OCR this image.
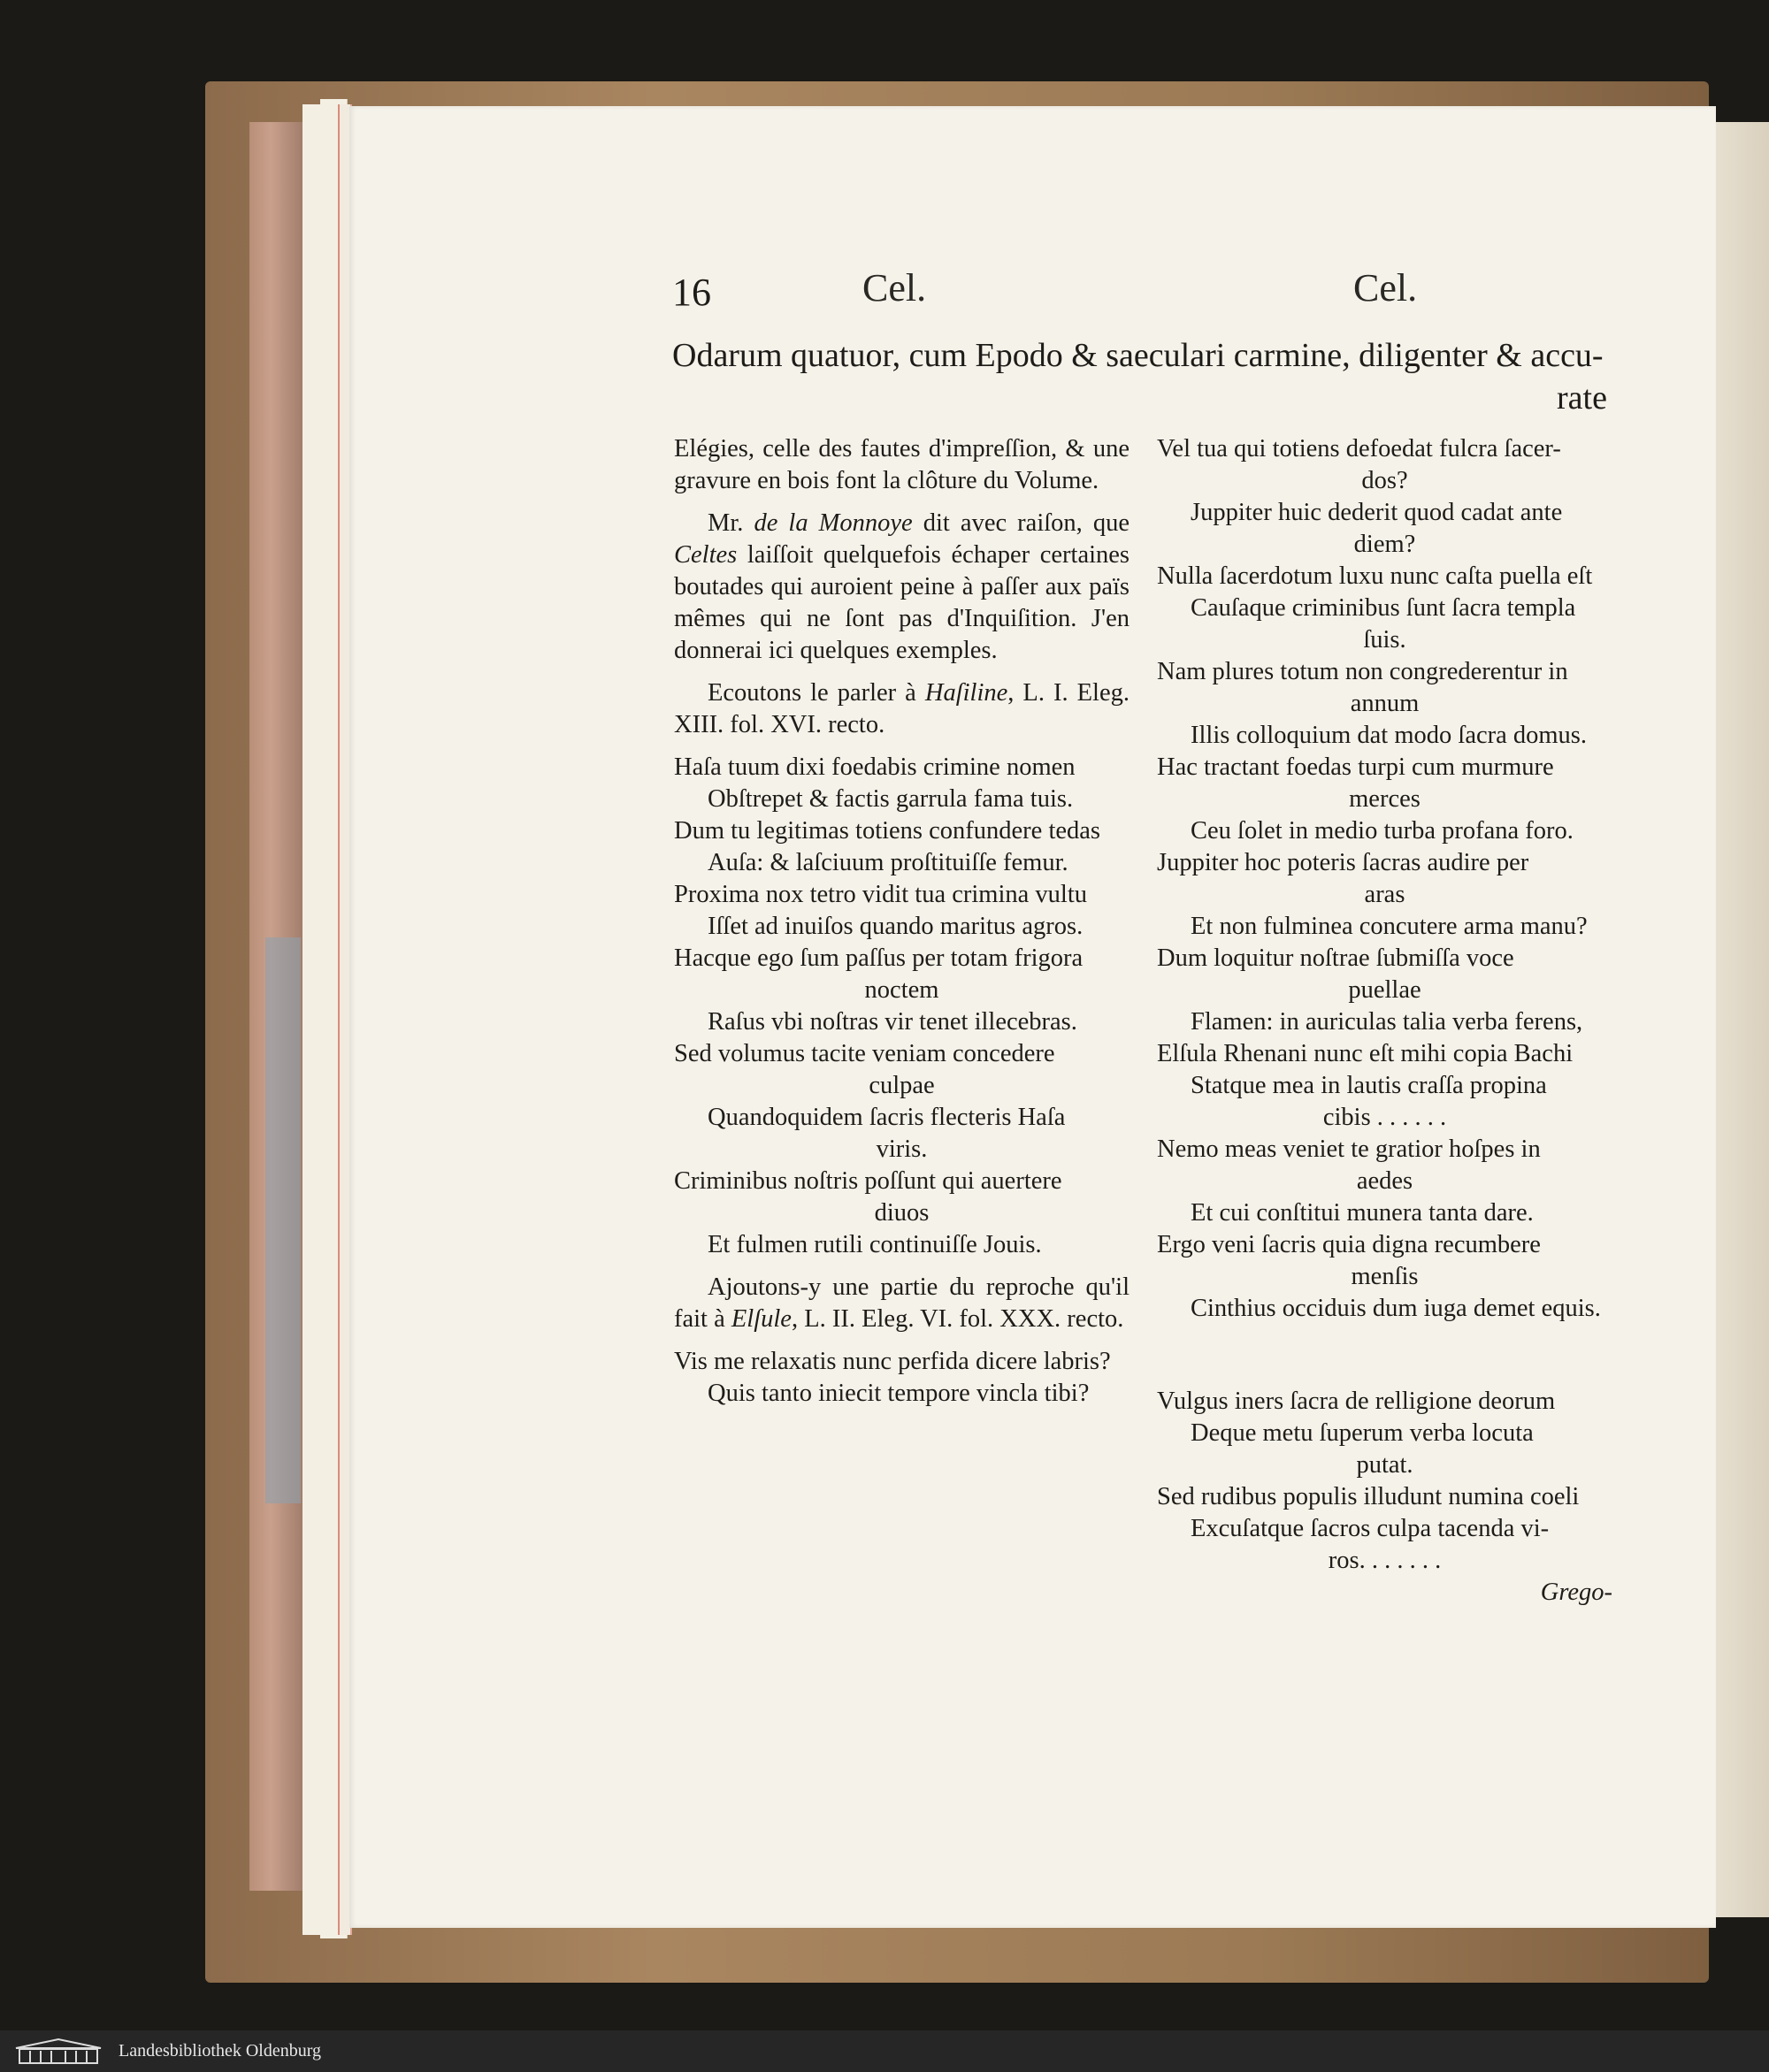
16	Cel.	Cel.
Odarum quatuor, cum Epodo & saeculari carmine, diligenter & accu-
rate

Elégies, celle des fautes d'impreſſion, & une gravure en bois font la clôture du Volume.

Mr. de la Monnoye dit avec raiſon, que Celtes laiſſoit quelquefois échaper certaines boutades qui auroient peine à paſſer aux païs mêmes qui ne ſont pas d'Inquiſition. J'en donnerai ici quelques exemples.

Ecoutons le parler à Haſiline, L. I. Eleg. XIII. fol. XVI. recto.

Haſa tuum dixi foedabis crimine nomen

Obſtrepet & factis garrula fama tuis.

Dum tu legitimas totiens confundere tedas

Auſa: & laſciuum proſtituiſſe femur.

Proxima nox tetro vidit tua crimina vultu

Iſſet ad inuiſos quando maritus agros.

Hacque ego ſum paſſus per totam frigora

noctem

Raſus vbi noſtras vir tenet illecebras.

Sed volumus tacite veniam concedere

culpae

Quandoquidem ſacris flecteris Haſa

viris.

Criminibus noſtris poſſunt qui auertere

diuos

Et fulmen rutili continuiſſe Jouis.

Ajoutons-y une partie du reproche qu'il fait à Elſule, L. II. Eleg. VI. fol. XXX. recto.

Vis me relaxatis nunc perfida dicere labris?

Quis tanto iniecit tempore vincla tibi?

Vel tua qui totiens defoedat fulcra ſacer-

dos?

Juppiter huic dederit quod cadat ante

diem?

Nulla ſacerdotum luxu nunc caſta puella eſt

Cauſaque criminibus ſunt ſacra templa

ſuis.

Nam plures totum non congrederentur in

annum

Illis colloquium dat modo ſacra domus.

Hac tractant foedas turpi cum murmure

merces

Ceu ſolet in medio turba profana foro.

Juppiter hoc poteris ſacras audire per

aras

Et non fulminea concutere arma manu?

Dum loquitur noſtrae ſubmiſſa voce

puellae

Flamen: in auriculas talia verba ferens,

Elſula Rhenani nunc eſt mihi copia Bachi

Statque mea in lautis craſſa propina

cibis . . . . . .

Nemo meas veniet te gratior hoſpes in

aedes

Et cui conſtitui munera tanta dare.

Ergo veni ſacris quia digna recumbere

menſis

Cinthius occiduis dum iuga demet equis.

Vulgus iners ſacra de relligione deorum

Deque metu ſuperum verba locuta

putat.

Sed rudibus populis illudunt numina coeli

Excuſatque ſacros culpa tacenda vi-

ros. . . . . . .

Grego-

Landesbibliothek Oldenburg
